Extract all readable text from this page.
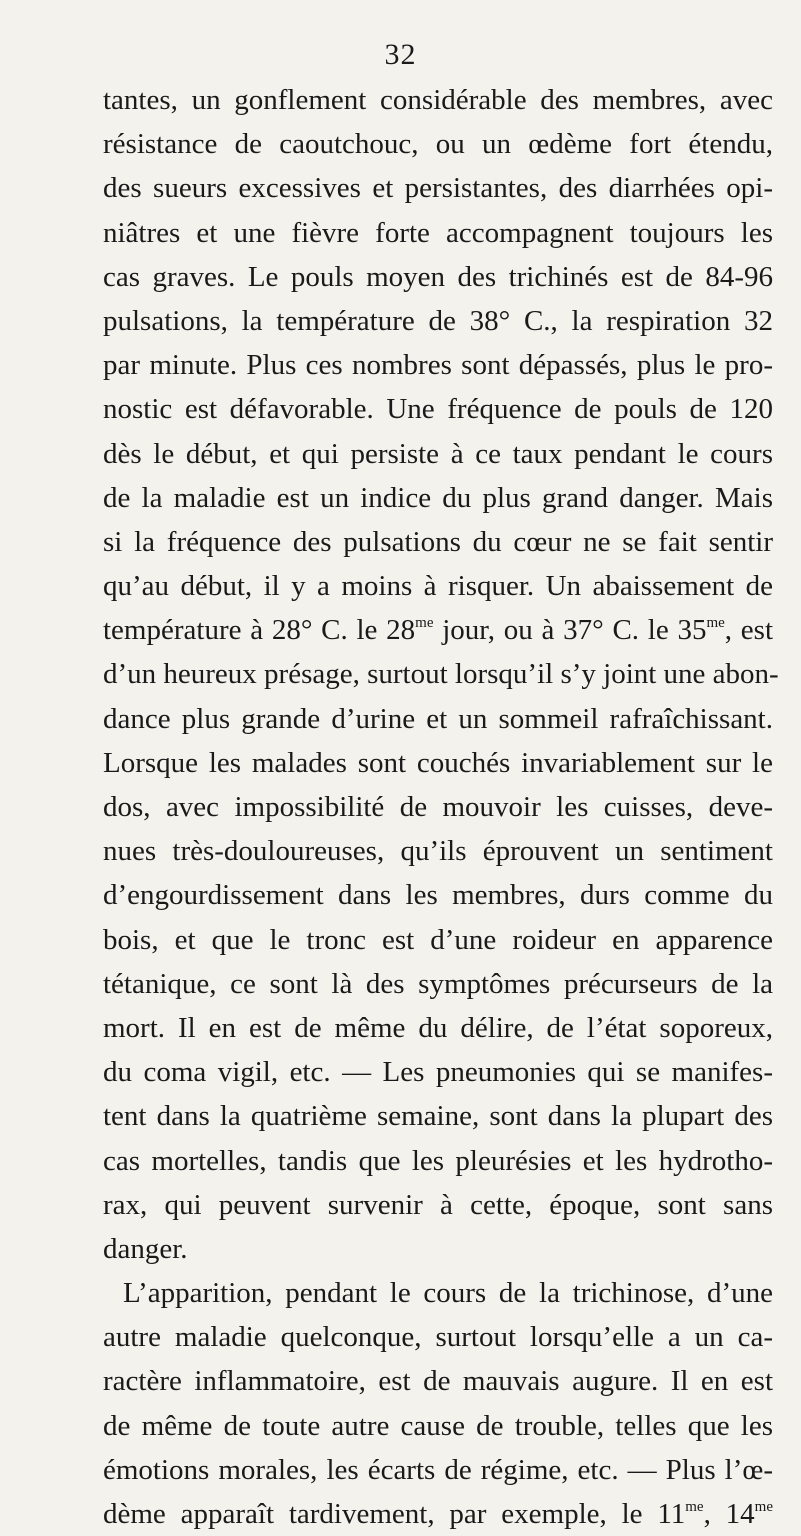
32
tantes, un gonflement considérable des membres, avec
résistance de caoutchouc, ou un œdème fort étendu,
des sueurs excessives et persistantes, des diarrhées opi-
niâtres et une fièvre forte accompagnent toujours les
cas graves. Le pouls moyen des trichinés est de 84-96
pulsations, la température de 38° C., la respiration 32
par minute. Plus ces nombres sont dépassés, plus le pro-
nostic est défavorable. Une fréquence de pouls de 120
dès le début, et qui persiste à ce taux pendant le cours
de la maladie est un indice du plus grand danger. Mais
si la fréquence des pulsations du cœur ne se fait sentir
qu’au début, il y a moins à risquer. Un abaissement de
température à 28° C. le $28^{me}$ jour, ou à 37° C. le $35^{me}$, est
d’un heureux présage, surtout lorsqu’il s’y joint une abon-
dance plus grande d’urine et un sommeil rafraîchissant.
Lorsque les malades sont couchés invariablement sur le
dos, avec impossibilité de mouvoir les cuisses, deve-
nues très-douloureuses, qu’ils éprouvent un sentiment
d’engourdissement dans les membres, durs comme du
bois, et que le tronc est d’une roideur en apparence
tétanique, ce sont là des symptômes précurseurs de la
mort. Il en est de même du délire, de l’état soporeux,
du coma vigil, etc. — Les pneumonies qui se manifes-
tent dans la quatrième semaine, sont dans la plupart des
cas mortelles, tandis que les pleurésies et les hydrotho-
rax, qui peuvent survenir à cette, époque, sont sans
danger.
L’apparition, pendant le cours de la trichinose, d’une
autre maladie quelconque, surtout lorsqu’elle a un ca-
ractère inflammatoire, est de mauvais augure. Il en est
de même de toute autre cause de trouble, telles que les
émotions morales, les écarts de régime, etc. — Plus l’œ-
dème apparaît tardivement, par exemple, le $11^{me}$, $14^{me}$
